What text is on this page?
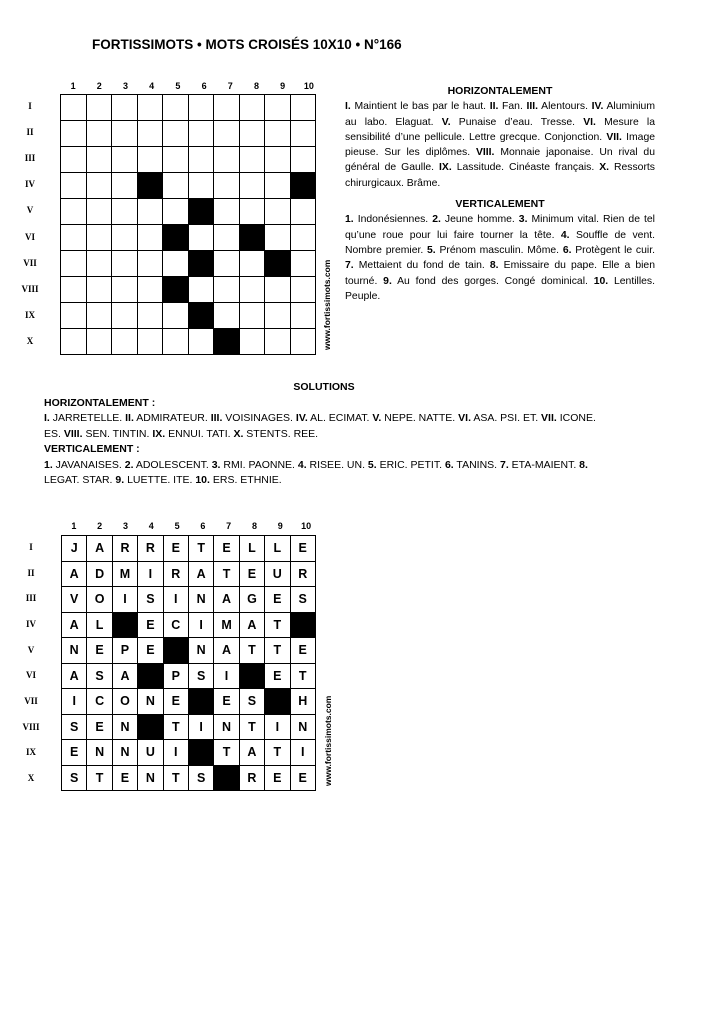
FORTISSIMOTS • MOTS CROISÉS 10X10 • N°166
1	2	3	4	5	6	7	8	9	10
I
II
III
IV
V
VI
VII
VIII
IX
X

										www.fortissimots.com
HORIZONTALEMENT
I. Maintient le bas par le haut. II. Fan. III. Alentours. IV. Aluminium au labo. Elaguat. V. Punaise d’eau. Tresse. VI. Mesure la sensibilité d’une pellicule. Lettre grecque. Conjonction. VII. Image pieuse. Sur les diplômes. VIII. Monnaie japonaise. Un rival du général de Gaulle. IX. Lassitude. Cinéaste français. X. Ressorts chirurgicaux. Brâme.
VERTICALEMENT
1. Indonésiennes. 2. Jeune homme. 3. Minimum vital. Rien de tel qu’une roue pour lui faire tourner la tête. 4. Souffle de vent. Nombre premier. 5. Prénom masculin. Môme. 6. Protègent le cuir. 7. Mettaient du fond de tain. 8. Emissaire du pape. Elle a bien tourné. 9. Au fond des gorges. Congé dominical. 10. Lentilles. Peuple.
SOLUTIONS
HORIZONTALEMENT :
I. JARRETELLE. II. ADMIRATEUR. III. VOISINAGES. IV. AL. ECIMAT. V. NEPE. NATTE. VI. ASA. PSI. ET. VII. ICONE. ES. VIII. SEN. TINTIN. IX. ENNUI. TATI. X. STENTS. REE.
VERTICALEMENT :
1. JAVANAISES. 2. ADOLESCENT. 3. RMI. PAONNE. 4. RISEE. UN. 5. ERIC. PETIT. 6. TANINS. 7. ETA-MAIENT. 8. LEGAT. STAR. 9. LUETTE. ITE. 10. ERS. ETHNIE.
1	2	3	4	5	6	7	8	9	10
I
II
III
IV
V
VI
VII
VIII
IX
X
J	A	R	R	E	T	E	L	L	E
A	D	M	I	R	A	T	E	U	R
V	O	I	S	I	N	A	G	E	S
A	L		E	C	I	M	A	T	
N	E	P	E		N	A	T	T	E
A	S	A		P	S	I		E	T
I	C	O	N	E		E	S		H
S	E	N		T	I	N	T	I	N
E	N	N	U	I		T	A	T	I
S	T	E	N	T	S		R	E	E www.fortissimots.com
